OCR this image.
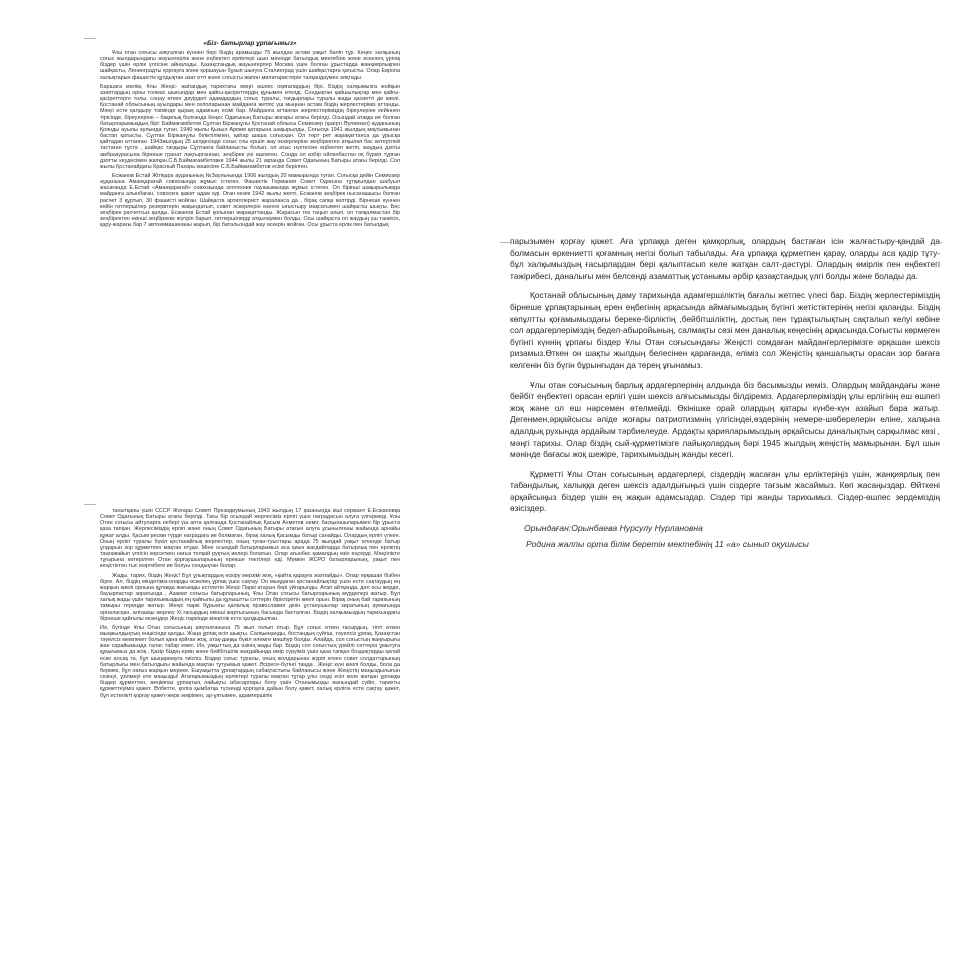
«Біз- батырлар ұрпағымыз»

Ұлы отан соғысы аяқталған күннен бері біздің арамызды 75 жылдан астам уақыт бөліп тұр. Кеңес халқының соғыс жылдарындағы жауынгерлік және еңбектегі ерліктері шын мәнінде батылдық мектебіне және өскелең ұрпақ біздер үшін ерлік үлгісіне айналады. Қазақстандық жауынгерлер Москва үшін болған ұрыстарда жанқиярлықпен шайқасты, Ленинградты қорғауға және қоршауын бұзып шығуға Сталинград үшін шайқастарға қатысты. Олар Европа халықтарын фашистік құлдықтан азат етті және соғысты жапон милитаристерін талқандаумен аяқтады.

Баршаға мәлім, Ұлы Жеңіс- жаһандық тарихтағы мәңгі өшпес оқиғалардың бірі. Біздің халқымызға жойқын азаптардың орны толмас шығындар мен қайғы-қасіреттердің құнымен өтелді. Сондықтан қайшылықтар мен қайғы-қасіреттерге толы, сонау өткен дәуірдегі адамдардың соғыс туралы, тағдырлары туралы жады қасиетті де киелі. Қостанай облысының ауылдары мен селоларынан майданға жетпіс үш мыңнан астам біздің жерлестеріміз аттанды. Мәңгі есте қалдыру тізімінде қырық адамның есімі бар. Майданға аттанған жерлестеріміздің біреулеріне кейіннен тірісінде, біреулеріне – бақилық болғанда Кеңес Одағының Батыры жоғары атағы берілді. Осындай атаққа ие болған батырларымыздың бірі: Баймағамбетов Сұлтан Біржанұлы Қостанай облысы Семиозер (қазіргі Әулиекөл) ауданының Қоянды ауылы аулында туған. 1940 жылы Қызыл Армия қатарына шақырылды. Соғысқа 1941 жылдың маусымынан бастап қатысты. Сұлтан Біржанұлы біліктілікпен, қаһар шаша соғысқан. Ол төрт рет жарақаттанса да ұрысқа қайтадан аттанған. 1943жылдың 25 шілдесінде соғыс оты ершіп жау әскерлеріне зеңбіректен атқылап бас көтертпей тастаған тұста , шайқас тағдыры Сұлтанға байланысты болып, ол атыс нүктесіне еңбектеп жетіп, жаудың дзоты амбразурасына бірнеше гранат лақтырғаннан, зеңбірек үні өшпеген. Сонда ол өзбір ойланбастан оқ бүркіп тұрған дзотты кеудесімен жапқан.С.Б.Баймағамбетовке 1944 жылы 21 ақпанда Совет Одағының Батыры атағы берілді. Сол жылы Қостанайдағы Красный Пахарь көшесіне С.Б.Баймағамбетов есімі берілген.

Есжанов Естай Жітіқара ауданының №Заульнында 1906 жылдың 20 мамырында туған. Соғысқа дейін Семиозер ауданына Аманқарағай совхозында жұмыс істеген. Фашистік Германия Совет Одағына тұтқиылдан шабуыл жасағанда Е.Естай «Аманқарағай» совхозында зоотехник лауазымында жұмыс істеген. Ол бірінші шақырылымда майданға алынбаған, совхозға қажет адам еді. Оған кезек 1942 жылы желті. Есжанов зеңбірек нысанашысы болған расчет 3 құртып, 30 фашисті жойған. Шайқаста артиллерист жараланса да , бірақ сапқа келтірді. Бірнеше күннен кейін гитлершілер резервтерін жақындатып, совет әскерлерін өзенге ығыстыру мақсатымен шайқасты шықты. Бес зеңбірек расчетсыз қалды. Есжанов Естай қолынан жарақаттанды. Жарасын тез таңып алып, ол тапқалмастан бір зеңбіректен екінші зеңбірекке жүгіріп барып, гитлершілерді атқылаумен болды. Осы шайқаста ол жаудың үш танкісін, қару-жарағы бар 7 автокөмашинаны жарып, бір батальондай жау әскерін жойған. Осы ұрыста ерлік пен батылдық

танытқаны үшін СССР Жоғары Советі Президиумының 1943 жылдың 17 қазанында кіші сержант Е.Есжановқа Совет Одағының Батыры атағы берілді. Тағы бір осындай жерлесіміз ерлігі үшін наградасын алуға үлгермеді. Ұлы Отан соғысы айтуларға небері үш апта қалғанда Қостанайлық Қасым Ахметов неміс басқыншыларымен бір ұрыста қаза тапқан. Жерлесіміздің ерлігі және оның Совет Одағының Батыры атағын алуға ұсынылғаны жайында арнайы құжат алды. Қасым ресми түрде наградаға ие болмаған, бірақ халық Қасымды батыр санайды. Олардың ерлігі үлкен. Оның ерлігі туралы бүкіл қостанайлық жерлестер, оның туған-туыстары арада 75 жылдай уақыт өткенде батыр ұлдарын зор құрметпен мақтан етуде. Міне осындай батырларымыз аса қиын жағдайларда батырлық пен ерліктің таңғажайып үлгісін көрсеткен нағыз толқай руқтың иелері болатын. Олар ағынбас қамалдың өзін еңсерді. Мәңгілікте тұғырына көтерілген Отан қорғаушыларының ерекше тектілері еді. Мүмкін ЖСРО батырларының, уақыт пен кеңістіктен тыс мәртебеге ие болуы сондықтан болар.

Жады, тарих, біздің Жеңіс! Бұл ұлықтардың өскіру мерзімі жоқ, «қайта қарауға жатпайды». Олар әрқашан бізбен бірге. Ал, біздің міндетіміз-оларды өскелең ұрпақ үшін сақтау. Он мыңдаған қостанайлықтар үшін есте сақтаудың ең жарқын киелі орнына құлаққа жағымды естілетін Жеңіс Паркі атауын бері уйғарылды. Атап айтқанда, дәл осы жерде, бауырластар зиратында , Азамат соғысы батырларының, Ұлы Отан соғысы батырларының мүрделері жатыр. Бұл халық жады үшін тарихымыздың ең қайғылы да құлыштты сәттерін біріктіретін киелі орын. Бірақ оның бай тарихының тамыры тереңде жатыр. Жеңіс паркі бұрынғы қалалық православия дінін ұстанушылар зиратының аумағында орналасқан, алғашқы жерлеу XI ғасырдың екінші жартысының басында басталған. Біздің халқымыздың тарихындағы бірнеше қайғылы кезеңдер Жеңіс паркінде мәңгілік есте қалдырылған.

Иә, бүгінде Ұлы Отан соғысының аяқталғанына 75 жыл толып отыр. Бұл соғыс өткен ғасырдың, тіпті өткен мыңжылдықтың еншісінде қалды. Жаңа ұрпақ өсіп шықты. Салқынқанды, бостандық сүйгіш, тәуелсіз ұрпақ. Қазақстан тәуелсіз мемлекет болып қана қойған жоқ, атақ-даңқы бүкіл әлемге мәшһүр болды. Алайда, сол соғыстың жаңғырығы жан сарайымызда талас табар емес. Иә, уақыттың да өзінің жады бар. Біздің сол соғыстың үрейлі сәттерін ұмытуға құқығымыз да жоқ . Қазір біздің еркін және бейбітшілік жағдайында өмір сүруіміз үшін қаза тапқан боздақтарды қалай еске алсақ та, бұл шыңармауға тиіспіз. Біздер соғыс туралы, оның жолдарынан жүріп өткен совет солдаттарының батырлығы мен батылдығы жайында мақтан тұтуымыз қажет. Әсіресе-бүгінгі таңда . Жеңіс күні киелі болды, бола да бермек, бұл нағыз жарқын мереке. Ешуақытта ұрпақтардың сабақтастығы байланысы және Жеңістің маңыздылығын сезінуі, ұзілмеуі өте маңызды! Аталарымыздың ерліктері туралы мақтан тұтар ұлы сезді есіп келе жатқан ұрпаққа біздер құрметтен, жеңімпаз ұрпақтың лайықты ізбасарлары болу үшін Отанымызды жанындай сүйіп, тарихты құрметтеуіміз қажет. Әлбетте, қолға қымбатқа түскенді қорғауға дайын болу қажет, халық ерлігін есте сақтау қажет, бұл естелікті қорғау қажет-жерк әмірімен, ар-ұятымен, адамгершілік

парызымен қорғау қажет. Аға ұрпаққа деген қамқорлық, олардың бастаған ісін жалғастыру-қандай да болмасын өркениетті қоғамның негізі болып табылады. Аға ұрпаққа құрметпен қарау, оларды аса қадір тұту-бұл халқымыздың ғасырлардан бері қалыптасып келе жатқан салт-дәстүрі. Олардың өмірлік пен еңбектегі тәжірибесі, даналығы мен белсенді азаматтық ұстанымы әрбір қазақстандық үлгі болды және болады да.

Қостанай облысының даму тарихында адамгершіліктің бағалы жетпес үлесі бар. Біздің жерлестеріміздің бірнеше ұрпақтарының ерен еңбегінің арқасында аймағымыздың бүгінгі жетістіктерінің негізі қаланды. Біздің көпұлтты қоғамымыздағы береке-бірліктің ,бейбітшіліктің, достық пен тұрақтылықтың сақталып келуі көбіне сол ардагерлеріміздің бедел-абыройының, салмақты сөзі мен даналық кеңесінің арқасында.Соғысты көрмеген бүгінгі күннің ұрпағы біздер Ұлы Отан соғысындағы Жеңісті сомдаған майдангерлерімізге әрқашан шексіз ризамыз.Өткен он шақты жылдың белесінен қарағанда, еліміз сол Жеңістің қаншалықты орасан зор бағаға келгенін біз бүгін бұрынғыдан да терең ұғынамыз.

Ұлы отан соғысының барлық ардагерлерінің алдында біз басымызды иеміз. Олардың майдандағы және бейбіт еңбектегі орасан ерлігі үшін шексіз алғысымызды білдіреміз. Ардагерлеріміздің ұлы ерлігінің еш өшпегі жоқ және ол еш нәрсемен өтелмейді. Өкінішке орай олардың қатары күнбе-күн азайып бара жатыр. Дегенмен,әрқайсысы әліде жоғары патриотизмнің үлгісіндеі,өздерінің немере-шөберелерін еліне, халқына адалдық рухында әрдайым тәрбиелеуде. Ардақты қарияларымыздың әрқайсысы даналықтың сарқылмас көзі , мәңгі тарихы. Олар біздің сый-құрметімізге лайықолардың бәрі 1945 жылдың жеңістің мамырынан. Бұл шын мәнінде бағасы жоқ шежіре, тарихымыздың жанды кесегі.

Құрметті Ұлы Отан соғысының ардагерлері, сіздердің жасаған ұлы ерліктеріңіз үшін, жанқиярлық пен табандылық, халыққа деген шексіз адалдығыңыз үшін сіздерге тағзым жасаймыз. Көп жасаңыздар. Өйткені әрқайсыңыз біздер үшін ең жақын адамсыздар. Сіздер тірі жанды тарихымыз. Сіздер-өшпес зердеміздің өзісіздер.

Орындаған:Орынбаева Нурсулу Нурлановна
Родина жалпы орта білім беретін мектебінің 11 «а» сынып оқушысы
